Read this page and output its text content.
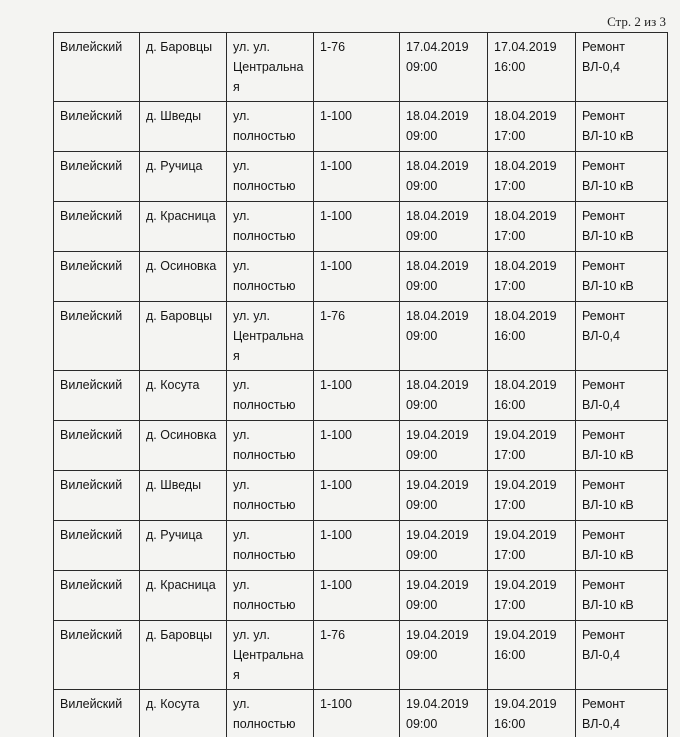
Стр. 2 из 3
Вилейский	д. Баровцы	ул. ул. Центральна я	1-76	17.04.2019 09:00	17.04.2019 16:00	Ремонт ВЛ-0,4
Вилейский	д. Шведы	ул. полностью	1-100	18.04.2019 09:00	18.04.2019 17:00	Ремонт ВЛ-10 кВ
Вилейский	д. Ручица	ул. полностью	1-100	18.04.2019 09:00	18.04.2019 17:00	Ремонт ВЛ-10 кВ
Вилейский	д. Красница	ул. полностью	1-100	18.04.2019 09:00	18.04.2019 17:00	Ремонт ВЛ-10 кВ
Вилейский	д. Осиновка	ул. полностью	1-100	18.04.2019 09:00	18.04.2019 17:00	Ремонт ВЛ-10 кВ
Вилейский	д. Баровцы	ул. ул. Центральна я	1-76	18.04.2019 09:00	18.04.2019 16:00	Ремонт ВЛ-0,4
Вилейский	д. Косута	ул. полностью	1-100	18.04.2019 09:00	18.04.2019 16:00	Ремонт ВЛ-0,4
Вилейский	д. Осиновка	ул. полностью	1-100	19.04.2019 09:00	19.04.2019 17:00	Ремонт ВЛ-10 кВ
Вилейский	д. Шведы	ул. полностью	1-100	19.04.2019 09:00	19.04.2019 17:00	Ремонт ВЛ-10 кВ
Вилейский	д. Ручица	ул. полностью	1-100	19.04.2019 09:00	19.04.2019 17:00	Ремонт ВЛ-10 кВ
Вилейский	д. Красница	ул. полностью	1-100	19.04.2019 09:00	19.04.2019 17:00	Ремонт ВЛ-10 кВ
Вилейский	д. Баровцы	ул. ул. Центральна я	1-76	19.04.2019 09:00	19.04.2019 16:00	Ремонт ВЛ-0,4
Вилейский	д. Косута	ул. полностью	1-100	19.04.2019 09:00	19.04.2019 16:00	Ремонт ВЛ-0,4
